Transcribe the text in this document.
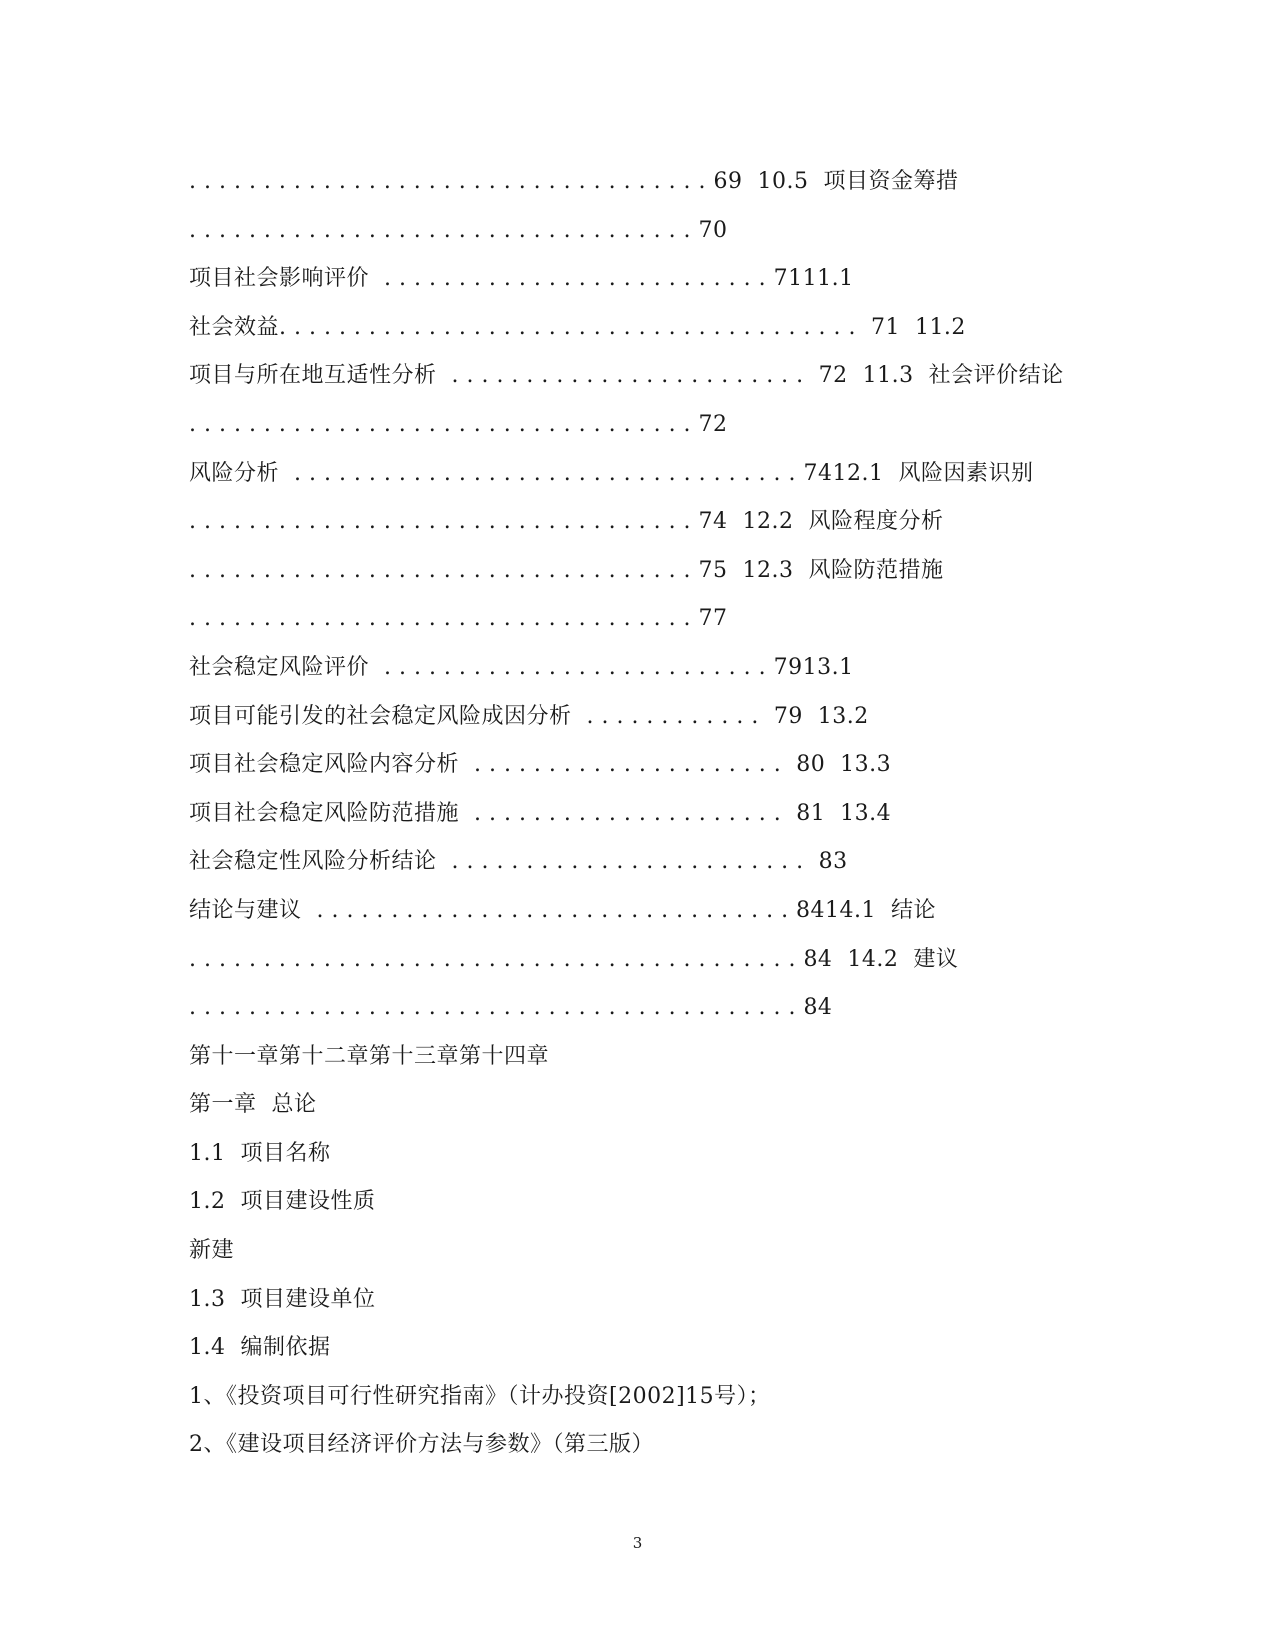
. . . . . . . . . . . . . . . . . . . . . . . . . . . . . . . . . . . 69  10.5  项目资金筹措
. . . . . . . . . . . . . . . . . . . . . . . . . . . . . . . . . . 70
项目社会影响评价  . . . . . . . . . . . . . . . . . . . . . . . . . . 7111.1
社会效益. . . . . . . . . . . . . . . . . . . . . . . . . . . . . . . . . . . . . . .  71  11.2
项目与所在地互适性分析  . . . . . . . . . . . . . . . . . . . . . . . .  72  11.3  社会评价结论
. . . . . . . . . . . . . . . . . . . . . . . . . . . . . . . . . . 72
风险分析  . . . . . . . . . . . . . . . . . . . . . . . . . . . . . . . . . . 7412.1  风险因素识别
. . . . . . . . . . . . . . . . . . . . . . . . . . . . . . . . . . 74  12.2  风险程度分析
. . . . . . . . . . . . . . . . . . . . . . . . . . . . . . . . . . 75  12.3  风险防范措施
. . . . . . . . . . . . . . . . . . . . . . . . . . . . . . . . . . 77
社会稳定风险评价  . . . . . . . . . . . . . . . . . . . . . . . . . . 7913.1
项目可能引发的社会稳定风险成因分析  . . . . . . . . . . . .  79  13.2
项目社会稳定风险内容分析  . . . . . . . . . . . . . . . . . . . . .  80  13.3
项目社会稳定风险防范措施  . . . . . . . . . . . . . . . . . . . . .  81  13.4
社会稳定性风险分析结论  . . . . . . . . . . . . . . . . . . . . . . . .  83
结论与建议  . . . . . . . . . . . . . . . . . . . . . . . . . . . . . . . . 8414.1  结论
. . . . . . . . . . . . . . . . . . . . . . . . . . . . . . . . . . . . . . . . . 84  14.2  建议
. . . . . . . . . . . . . . . . . . . . . . . . . . . . . . . . . . . . . . . . . 84
第十一章第十二章第十三章第十四章
第一章  总论
1.1  项目名称
1.2  项目建设性质
新建
1.3  项目建设单位
1.4  编制依据
1、《投资项目可行性研究指南》（计办投资[2002]15号）；
2、《建设项目经济评价方法与参数》（第三版）
3
